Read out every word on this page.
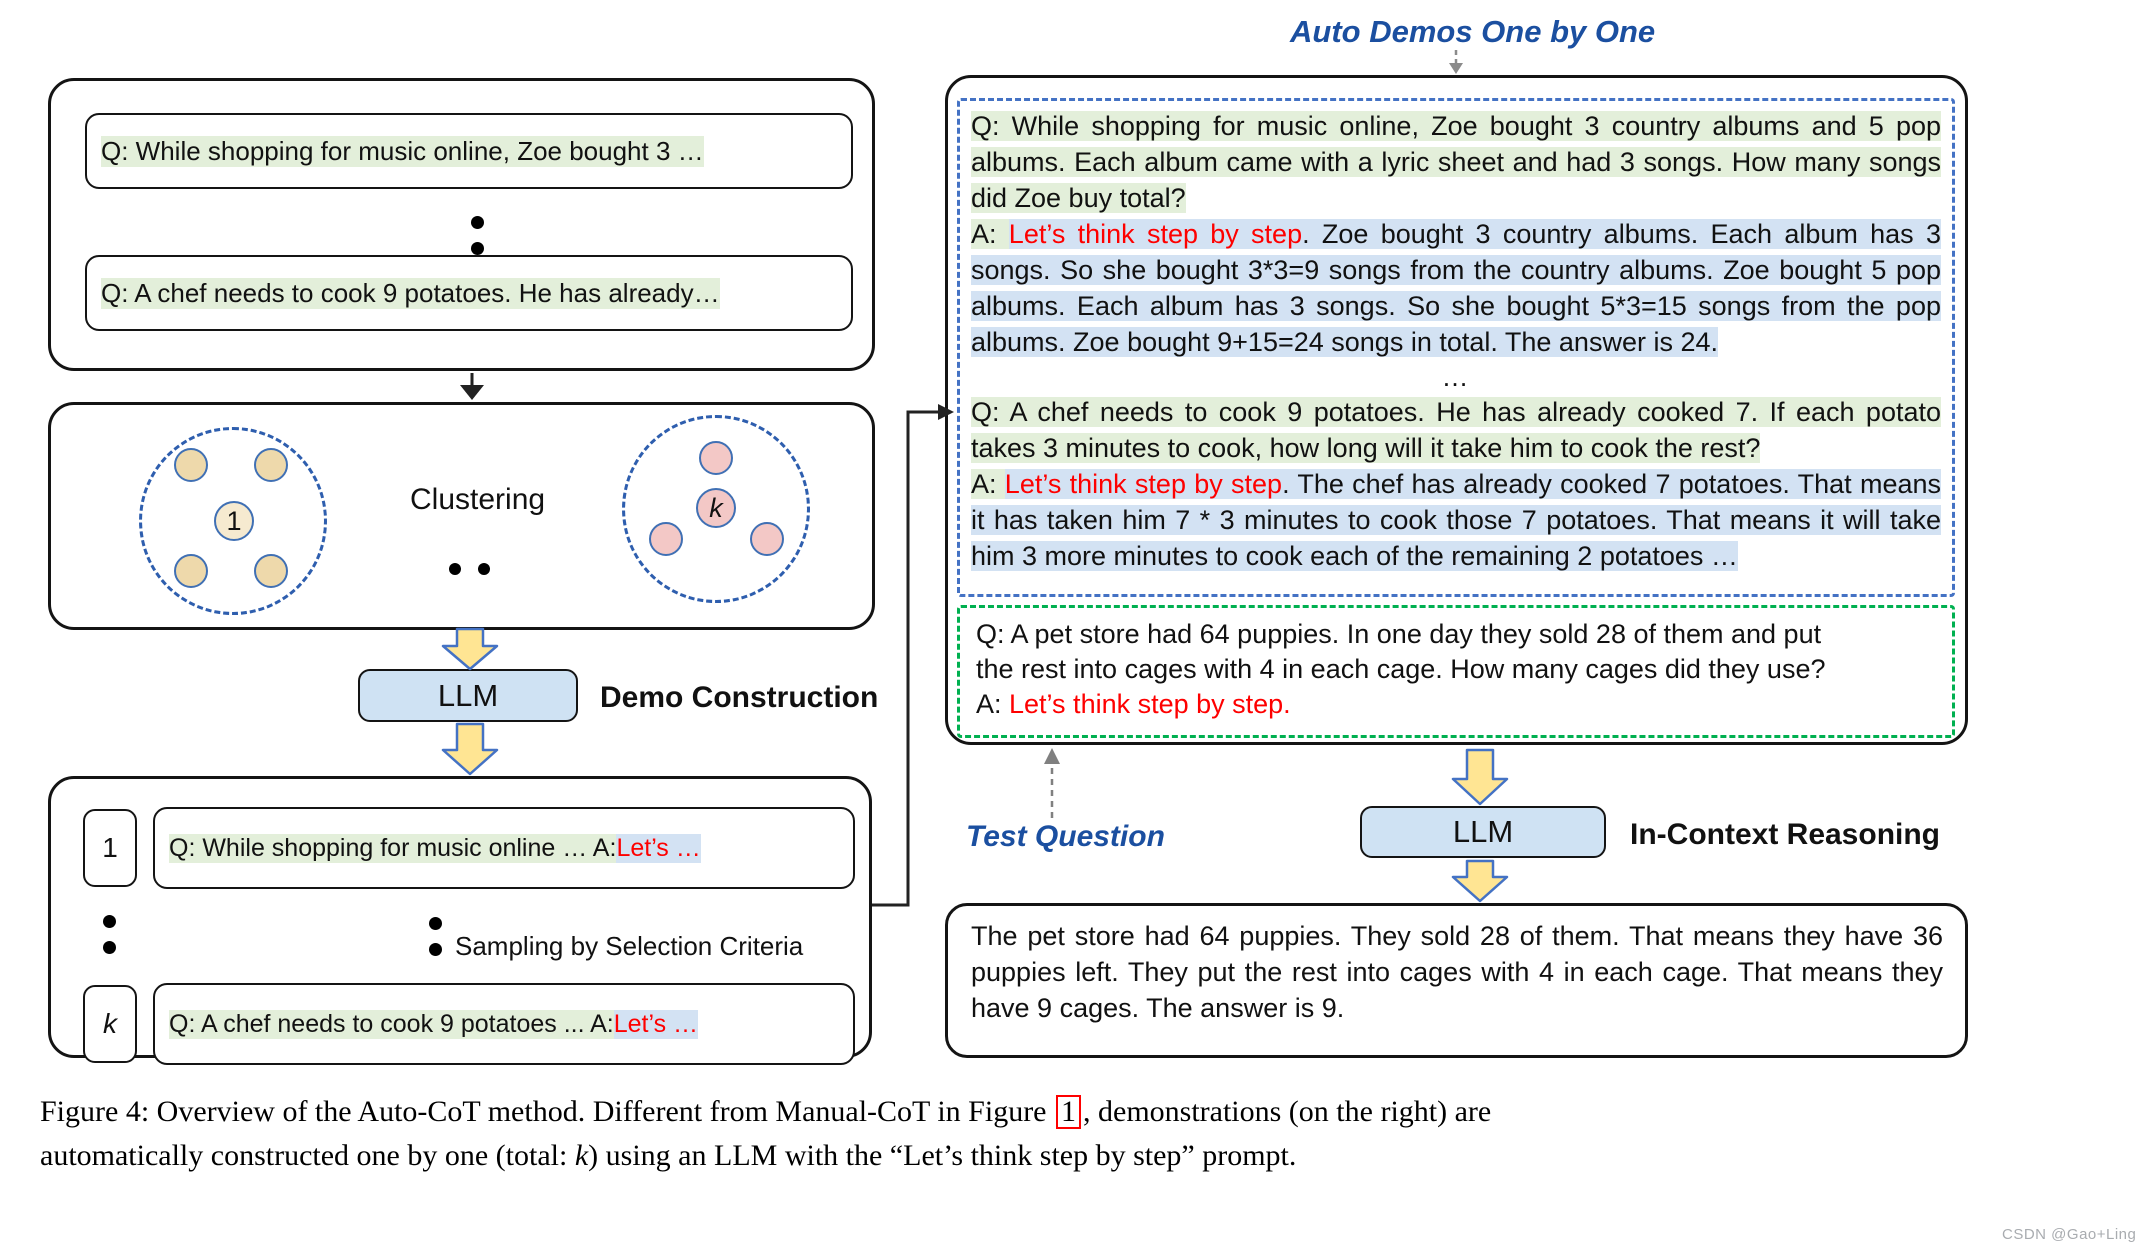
Q: While shopping for music online, Zoe bought 3 …
Q: A chef needs to cook 9 potatoes. He has already…
1
Clustering	k
LLM	Demo Construction
1	Q: While shopping for music online … A: Let’s …
Sampling by Selection Criteria
k	Q: A chef needs to cook 9 potatoes ... A: Let’s …
Auto Demos One by One

Q: While shopping for music online, Zoe bought 3 country albums and 5 pop albums. Each album came with a lyric sheet and had 3 songs. How many songs did Zoe buy total?

A: Let’s think step by step. Zoe bought 3 country albums. Each album has 3 songs. So she bought 3*3=9 songs from the country albums. Zoe bought 5 pop albums. Each album has 3 songs. So she bought 5*3=15 songs from the pop albums. Zoe bought 9+15=24 songs in total. The answer is 24.

…

Q: A chef needs to cook 9 potatoes. He has already cooked 7. If each potato takes 3 minutes to cook, how long will it take him to cook the rest?

A: Let’s think step by step. The chef has already cooked 7 potatoes. That means it has taken him 7 * 3 minutes to cook those 7 potatoes. That means it will take him 3 more minutes to cook each of the remaining 2 potatoes …

Q: A pet store had 64 puppies. In one day they sold 28 of them and put
the rest into cages with 4 in each cage. How many cages did they use?
A: Let’s think step by step.
Test Question	LLM	In-Context Reasoning
The pet store had 64 puppies. They sold 28 of them. That means they have 36 puppies left. They put the rest into cages with 4 in each cage. That means they have 9 cages. The answer is 9.
Figure 4: Overview of the Auto-CoT method. Different from Manual-CoT in Figure 1 , demonstrations (on the right) are automatically constructed one by one (total: k) using an LLM with the “Let’s think step by step” prompt.
CSDN @Gao+Ling
